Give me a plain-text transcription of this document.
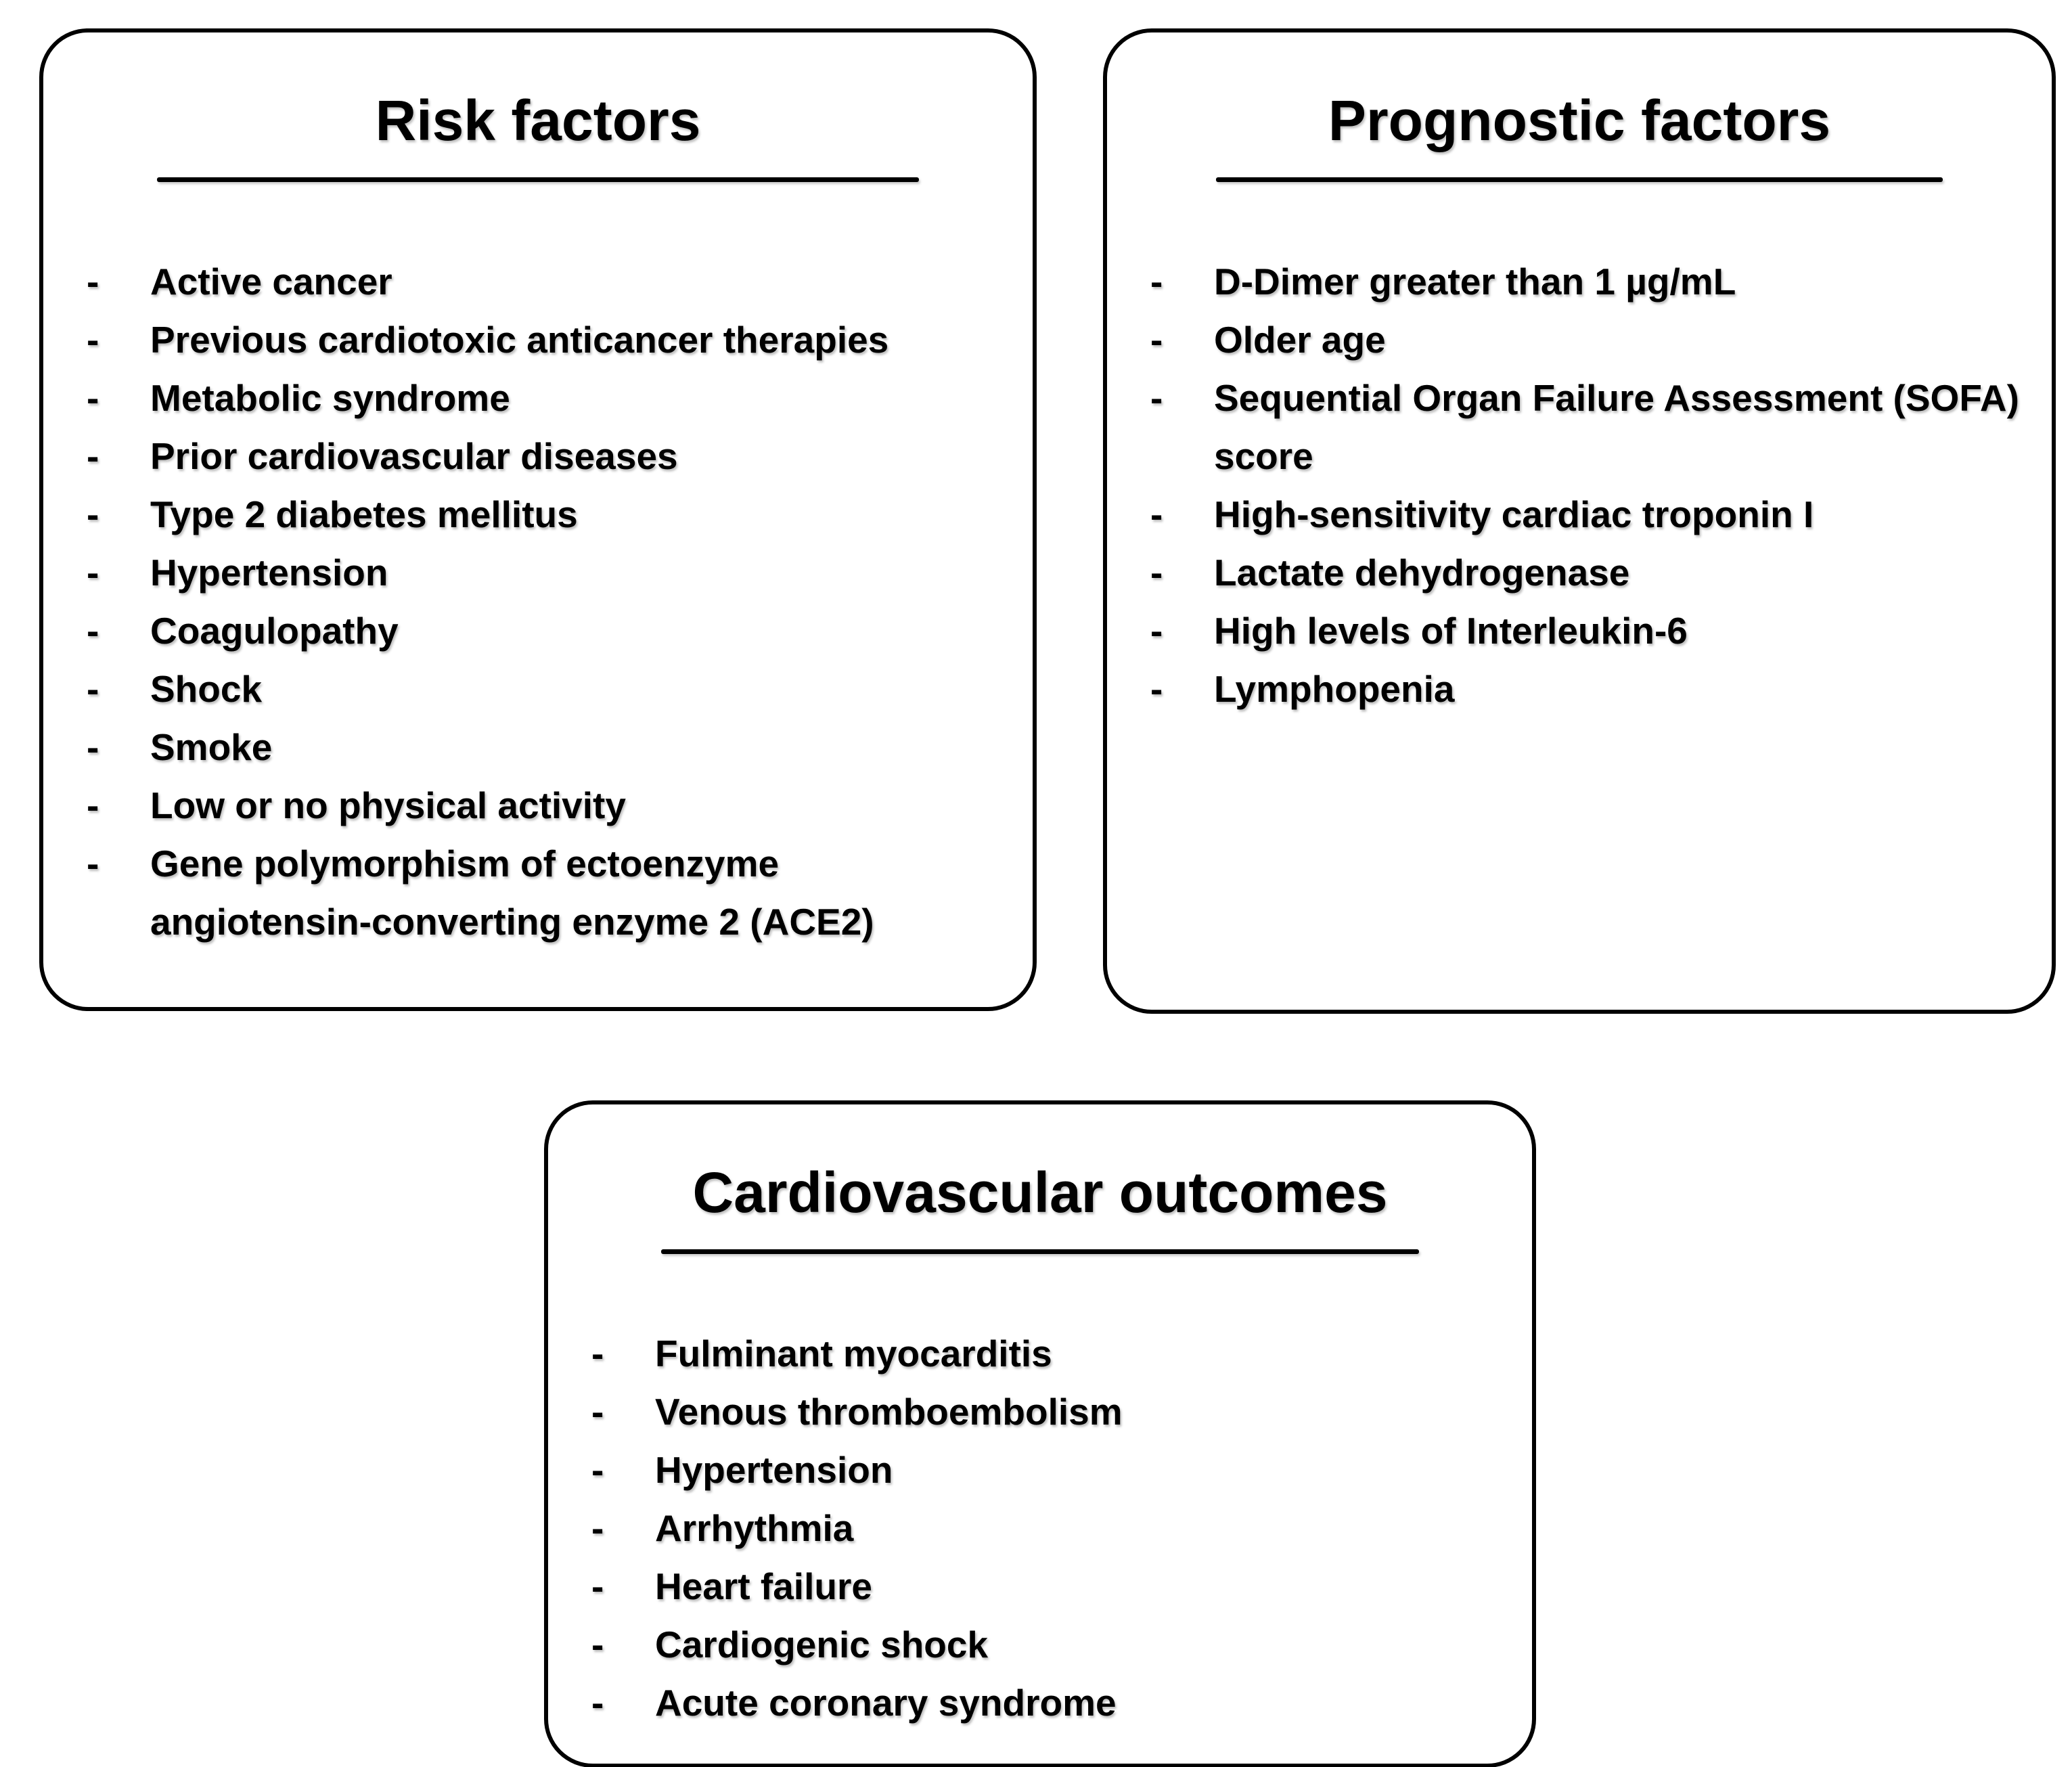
Risk factors
-	Active cancer
-	Previous cardiotoxic anticancer therapies
-	Metabolic syndrome
-	Prior cardiovascular diseases
-	Type 2 diabetes mellitus
-	Hypertension
-	Coagulopathy
-	Shock
-	Smoke
-	Low or no physical activity
-	Gene polymorphism of ectoenzyme angiotensin-converting enzyme 2 (ACE2)
Prognostic factors
-	D-Dimer greater than 1 µg/mL
-	Older age
-	Sequential Organ Failure Assessment (SOFA) score
-	High-sensitivity cardiac troponin I
-	Lactate dehydrogenase
-	High levels of Interleukin-6
-	Lymphopenia
Cardiovascular outcomes
-	Fulminant myocarditis
-	Venous thromboembolism
-	Hypertension
-	Arrhythmia
-	Heart failure
-	Cardiogenic shock
-	Acute coronary syndrome
